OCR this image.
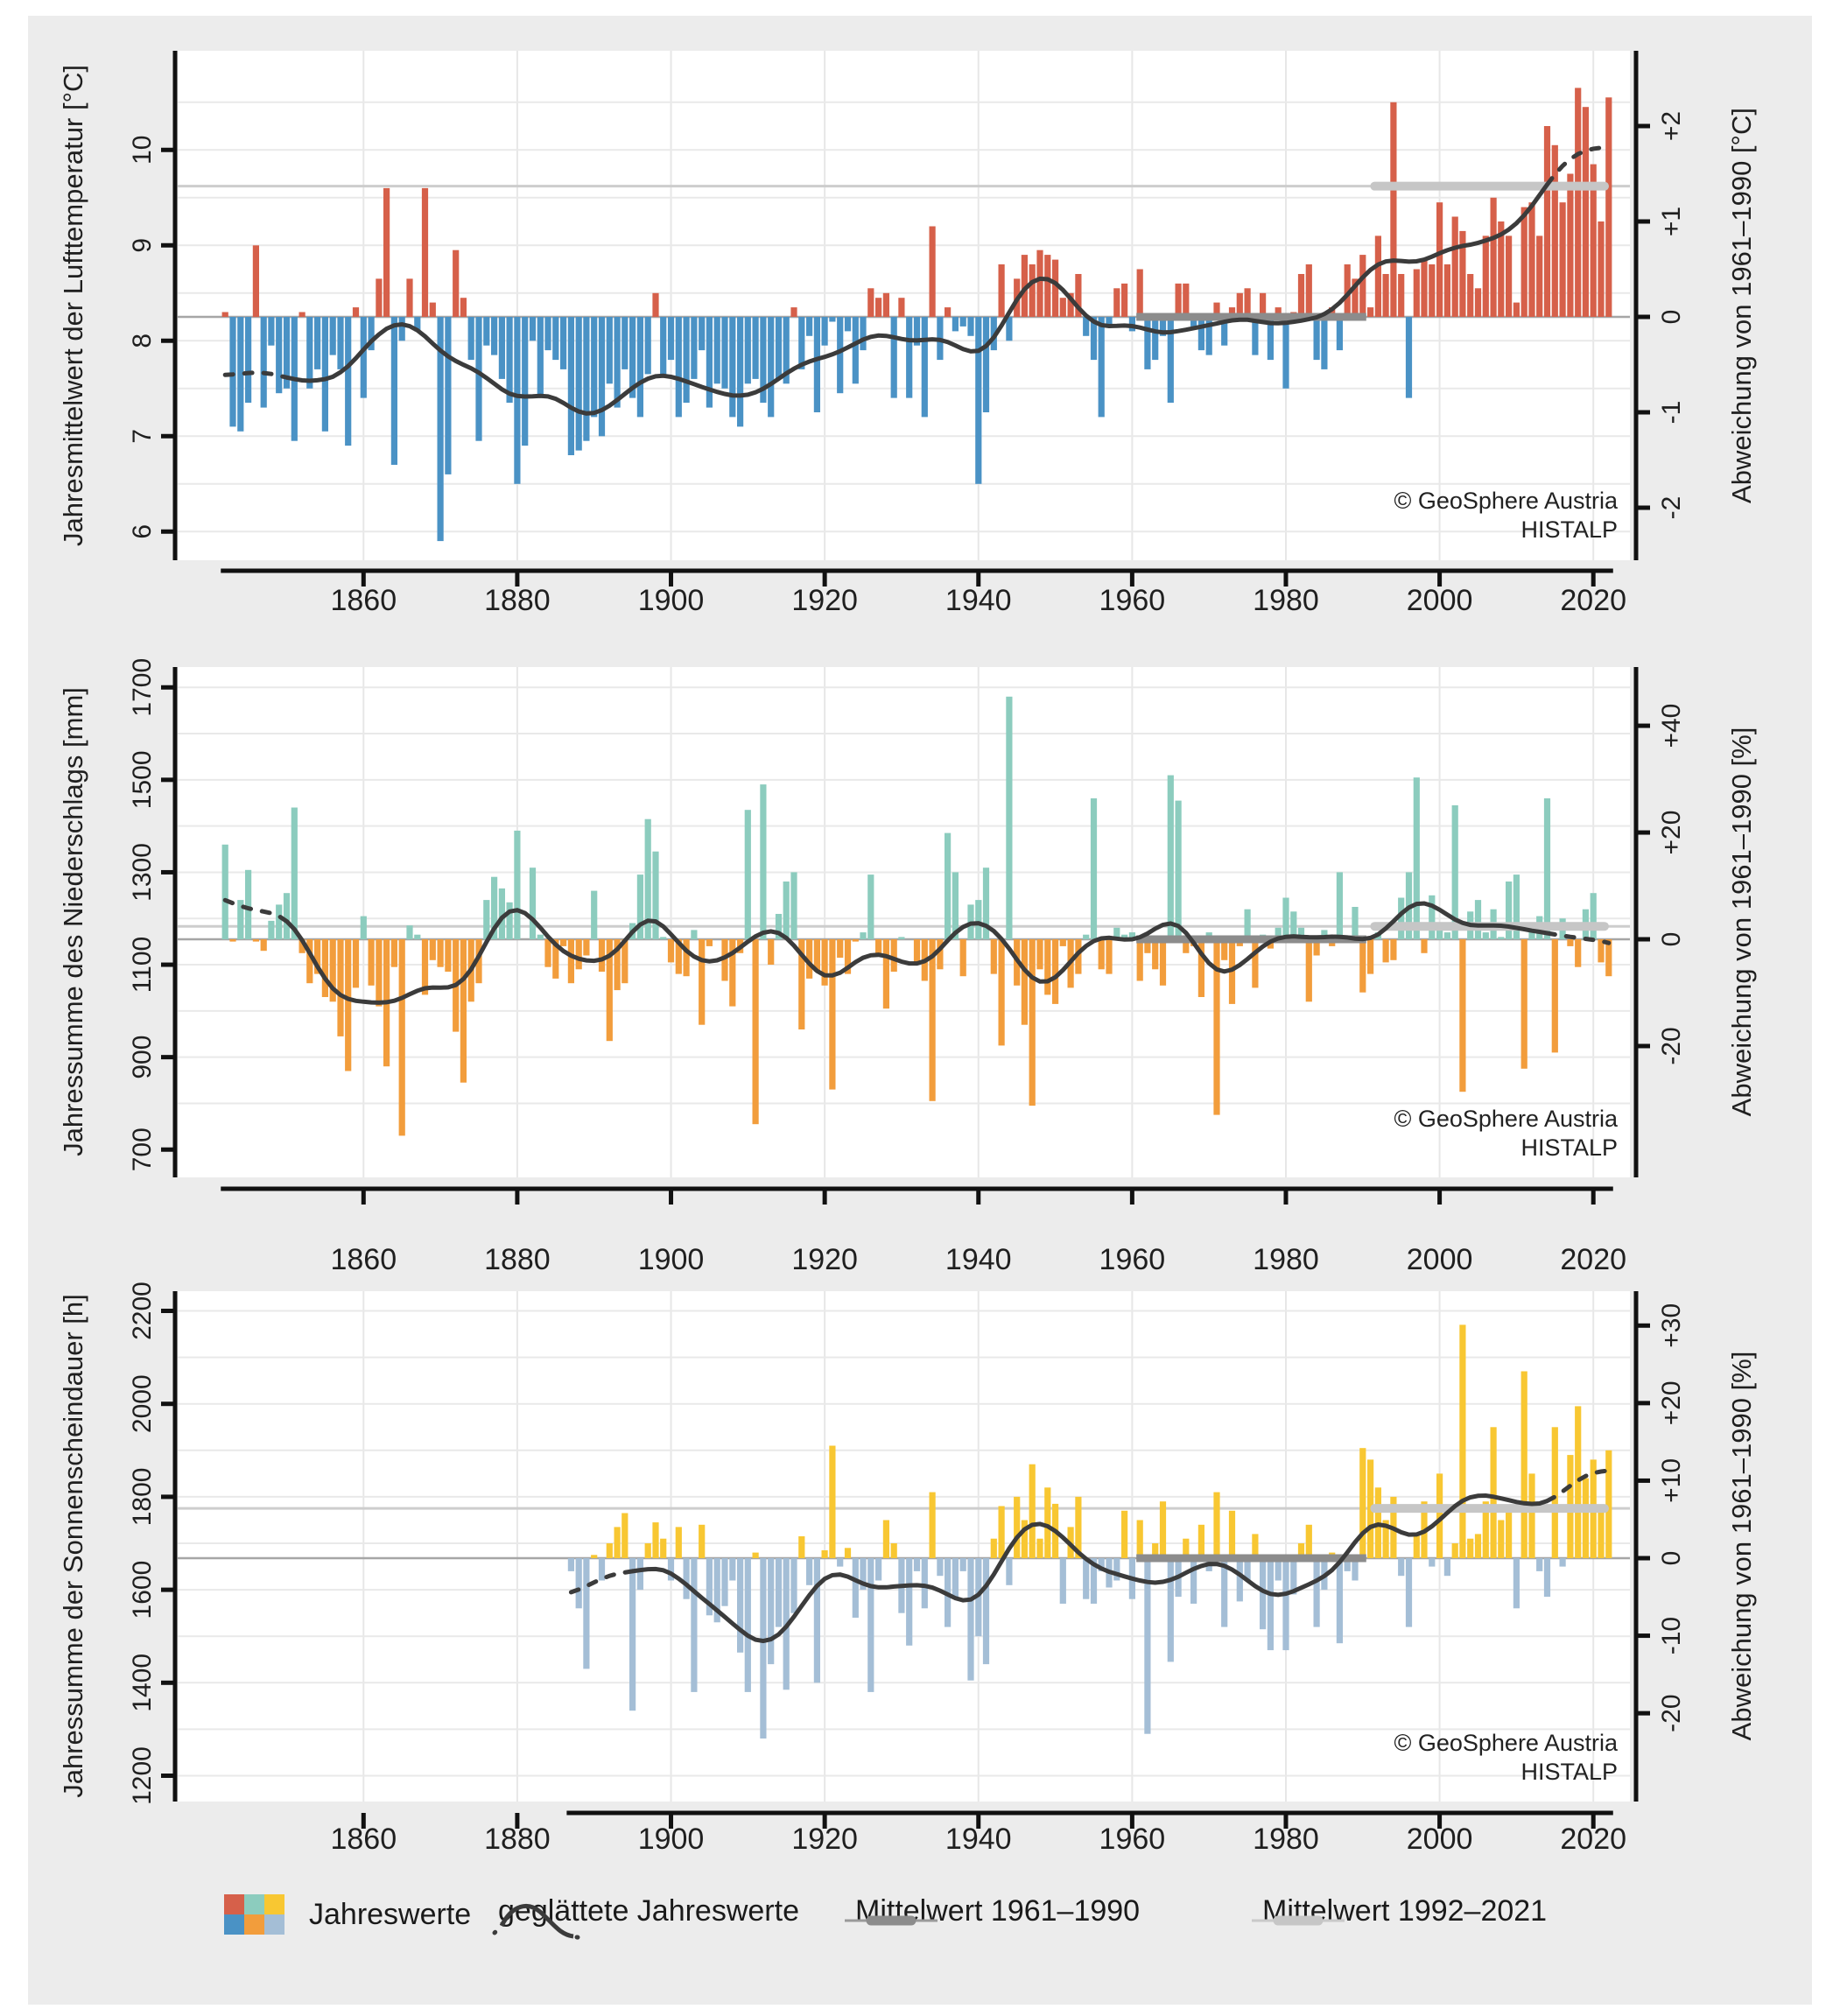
6
7
8
9
10
-2
-1
0
+1
+2
1860	1880	1900	1920	1940	1960	1980	2000	2020
700
900
1100
1300
1500
1700
-20
0
+20
+40
1860	1880	1900	1920	1940	1960	1980	2000	2020
1200
1400
1600
1800
2000
2200
-20
-10
0
+10
+20
+30
1860	1880	1900	1920	1940	1960	1980	2000	2020
Jahresmittelwert der Lufttemperatur [°C]	Abweichung von 1961–1990 [°C]
Jahressumme des Niederschlags [mm]	Abweichung von 1961–1990 [%]
Jahressumme der Sonnenscheindauer [h]	Abweichung von 1961–1990 [%]
© GeoSphere Austria
HISTALP
© GeoSphere Austria
HISTALP
© GeoSphere Austria
HISTALP
Jahreswerte geglättete Jahreswerte Mittelwert 1961–1990	Mittelwert 1992–2021
